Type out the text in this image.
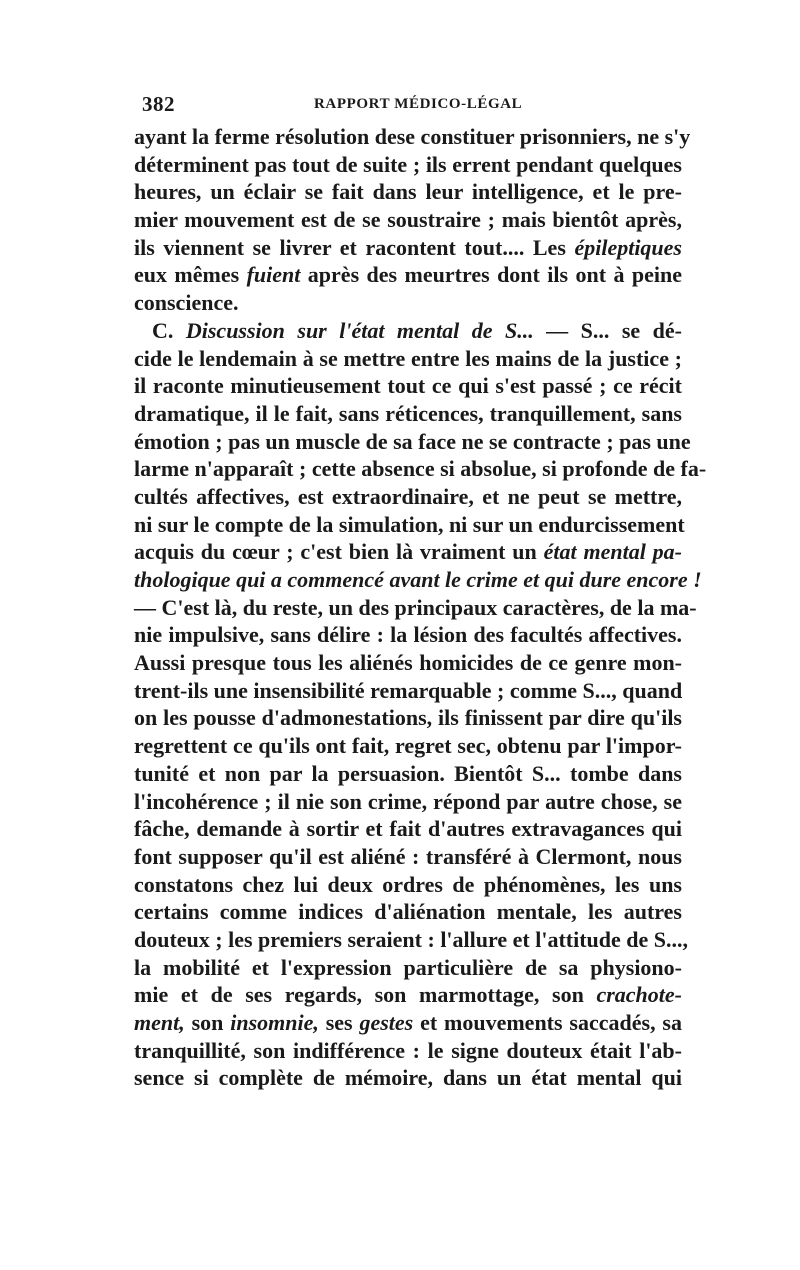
382	RAPPORT MÉDICO-LÉGAL
ayant la ferme résolution dese constituer prisonniers, ne s'y
déterminent pas tout de suite ; ils errent pendant quelques
heures, un éclair se fait dans leur intelligence, et le pre-
mier mouvement est de se soustraire ; mais bientôt après,
ils viennent se livrer et racontent tout.... Les épileptiques
eux mêmes fuient après des meurtres dont ils ont à peine
conscience.
C. Discussion sur l'état mental de S... — S... se dé-
cide le lendemain à se mettre entre les mains de la justice ;
il raconte minutieusement tout ce qui s'est passé ; ce récit
dramatique, il le fait, sans réticences, tranquillement, sans
émotion ; pas un muscle de sa face ne se contracte ; pas une
larme n'apparaît ; cette absence si absolue, si profonde de fa-
cultés affectives, est extraordinaire, et ne peut se mettre,
ni sur le compte de la simulation, ni sur un endurcissement
acquis du cœur ; c'est bien là vraiment un état mental pa-
thologique qui a commencé avant le crime et qui dure encore !
— C'est là, du reste, un des principaux caractères, de la ma-
nie impulsive, sans délire : la lésion des facultés affectives.
Aussi presque tous les aliénés homicides de ce genre mon-
trent-ils une insensibilité remarquable ; comme S..., quand
on les pousse d'admonestations, ils finissent par dire qu'ils
regrettent ce qu'ils ont fait, regret sec, obtenu par l'impor-
tunité et non par la persuasion. Bientôt S... tombe dans
l'incohérence ; il nie son crime, répond par autre chose, se
fâche, demande à sortir et fait d'autres extravagances qui
font supposer qu'il est aliéné : transféré à Clermont, nous
constatons chez lui deux ordres de phénomènes, les uns
certains comme indices d'aliénation mentale, les autres
douteux ; les premiers seraient : l'allure et l'attitude de S...,
la mobilité et l'expression particulière de sa physiono-
mie et de ses regards, son marmottage, son crachote-
ment, son insomnie, ses gestes et mouvements saccadés, sa
tranquillité, son indifférence : le signe douteux était l'ab-
sence si complète de mémoire, dans un état mental qui
